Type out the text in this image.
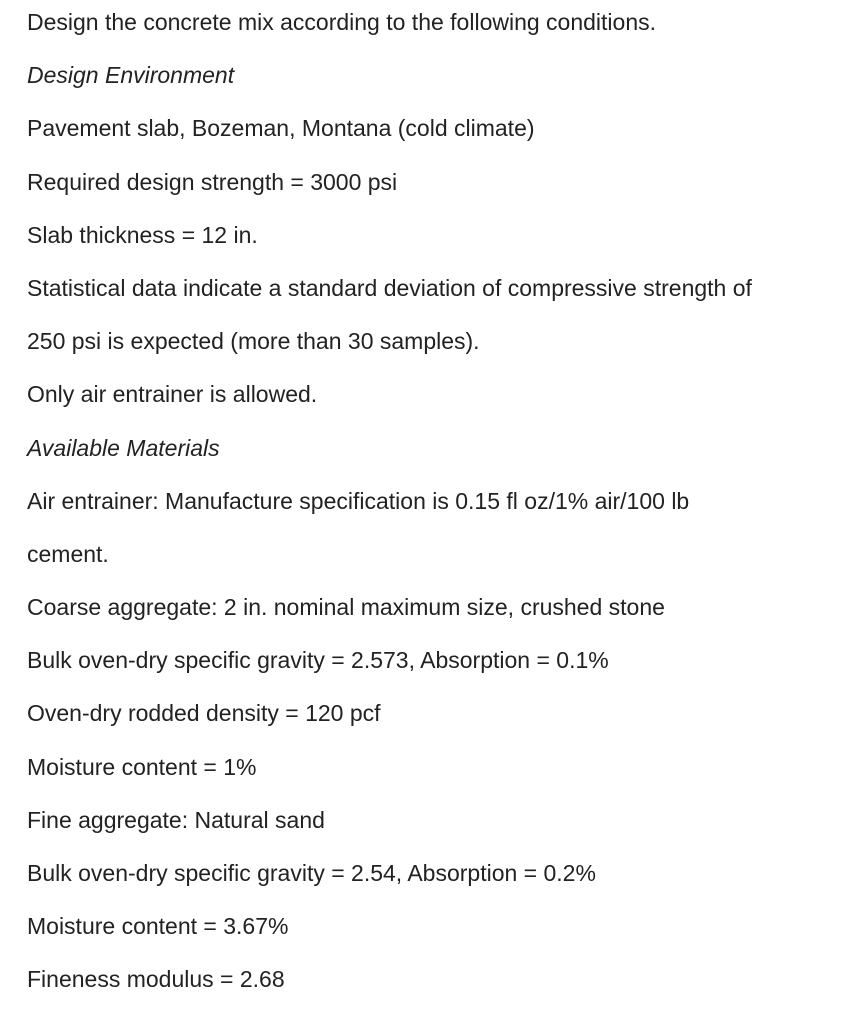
Design the concrete mix according to the following conditions.
Design Environment
Pavement slab, Bozeman, Montana (cold climate)
Required design strength = 3000 psi
Slab thickness = 12 in.
Statistical data indicate a standard deviation of compressive strength of
250 psi is expected (more than 30 samples).
Only air entrainer is allowed.
Available Materials
Air entrainer: Manufacture specification is 0.15 fl oz/1% air/100 lb
cement.
Coarse aggregate: 2 in. nominal maximum size, crushed stone
Bulk oven-dry specific gravity = 2.573, Absorption = 0.1%
Oven-dry rodded density = 120 pcf
Moisture content = 1%
Fine aggregate: Natural sand
Bulk oven-dry specific gravity = 2.54, Absorption = 0.2%
Moisture content = 3.67%
Fineness modulus = 2.68
